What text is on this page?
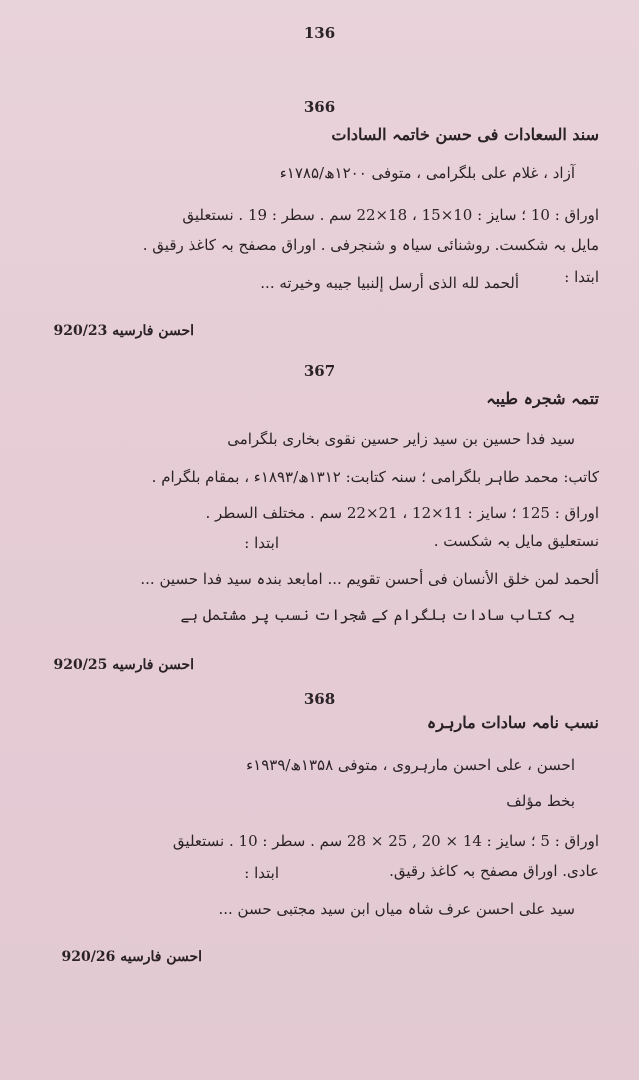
136
366
سند السعادات فی حسن خاتمہ السادات
آزاد ، غلام علی بلگرامی ، متوفی ۱۲۰۰ھ/۱۷۸۵ء
اوراق : 10 ؛ سایز : 10×15 ، 18×22 سم . سطر : 19 . نستعلیق
مایل بہ شکست. روشنائی سیاہ و شنجرفی . اوراق مصفح بہ کاغذ رقیق .
ابتدا :
ألحمد لله الذی أرسل إلنبیا جیبه وخیرته ...
احسن فارسیه 920/23
367
تتمہ شجرہ طیبہ
سید فدا حسین بن سید زایر حسین نقوی بخاری بلگرامی
کاتب: محمد طاہر بلگرامی ؛ سنہ کتابت: ۱۳۱۲ھ/۱۸۹۳ء ، بمقام بلگرام .
اوراق : 125 ؛ سایز : 11×12 ، 21×22 سم . مختلف السطر .
نستعلیق مایل بہ شکست .
ابتدا :
ألحمد لمن خلق الأنسان فی أحسن تقویم ... امابعد بندہ سید فدا حسین ...
یہ کتاب سادات بلگرام کے شجرات نسب پر مشتمل ہے
احسن فارسیه 920/25
368
نسب نامہ سادات مارہرہ
احسن ، علی احسن مارہروی ، متوفی ۱۳۵۸ھ/۱۹۳۹ء
بخط مؤلف
اوراق : 5 ؛ سایز : 14 × 20 , 25 × 28 سم . سطر : 10 . نستعلیق
عادی. اوراق مصفح بہ کاغذ رقیق.
ابتدا :
سید علی احسن عرف شاہ میاں ابن سید مجتبی حسن ...
احسن فارسیه 920/26
